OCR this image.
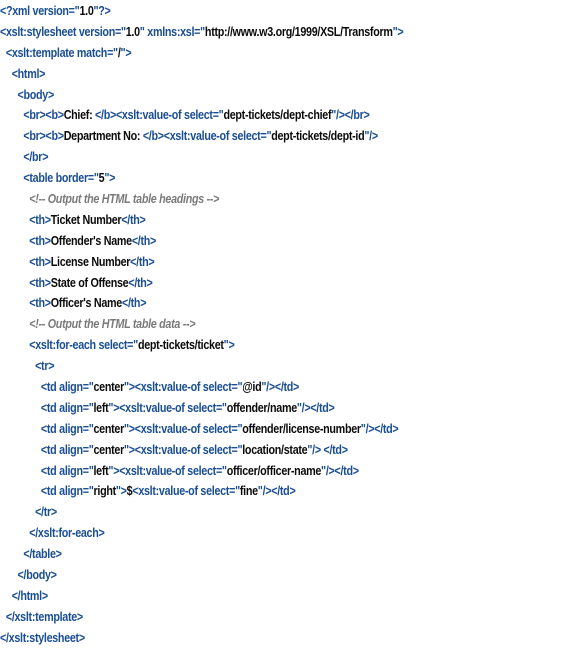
<?xml version="1.0"?>
<xslt:stylesheet version="1.0" xmlns:xsl="http://www.w3.org/1999/XSL/Transform">
<xslt:template match="/">
<html>
<body>
<br><b>Chief: </b><xslt:value-of select="dept-tickets/dept-chief"/></br>
<br><b>Department No: </b><xslt:value-of select="dept-tickets/dept-id"/>
</br>
<table border="5">
<!-- Output the HTML table headings -->
<th>Ticket Number</th>
<th>Offender's Name</th>
<th>License Number</th>
<th>State of Offense</th>
<th>Officer's Name</th>
<!-- Output the HTML table data -->
<xslt:for-each select="dept-tickets/ticket">
<tr>
<td align="center"><xslt:value-of select="@id"/></td>
<td align="left"><xslt:value-of select="offender/name"/></td>
<td align="center"><xslt:value-of select="offender/license-number"/></td>
<td align="center"><xslt:value-of select="location/state"/> </td>
<td align="left"><xslt:value-of select="officer/officer-name"/></td>
<td align="right">$<xslt:value-of select="fine"/></td>
</tr>
</xslt:for-each>
</table>
</body>
</html>
</xslt:template>
</xslt:stylesheet>
